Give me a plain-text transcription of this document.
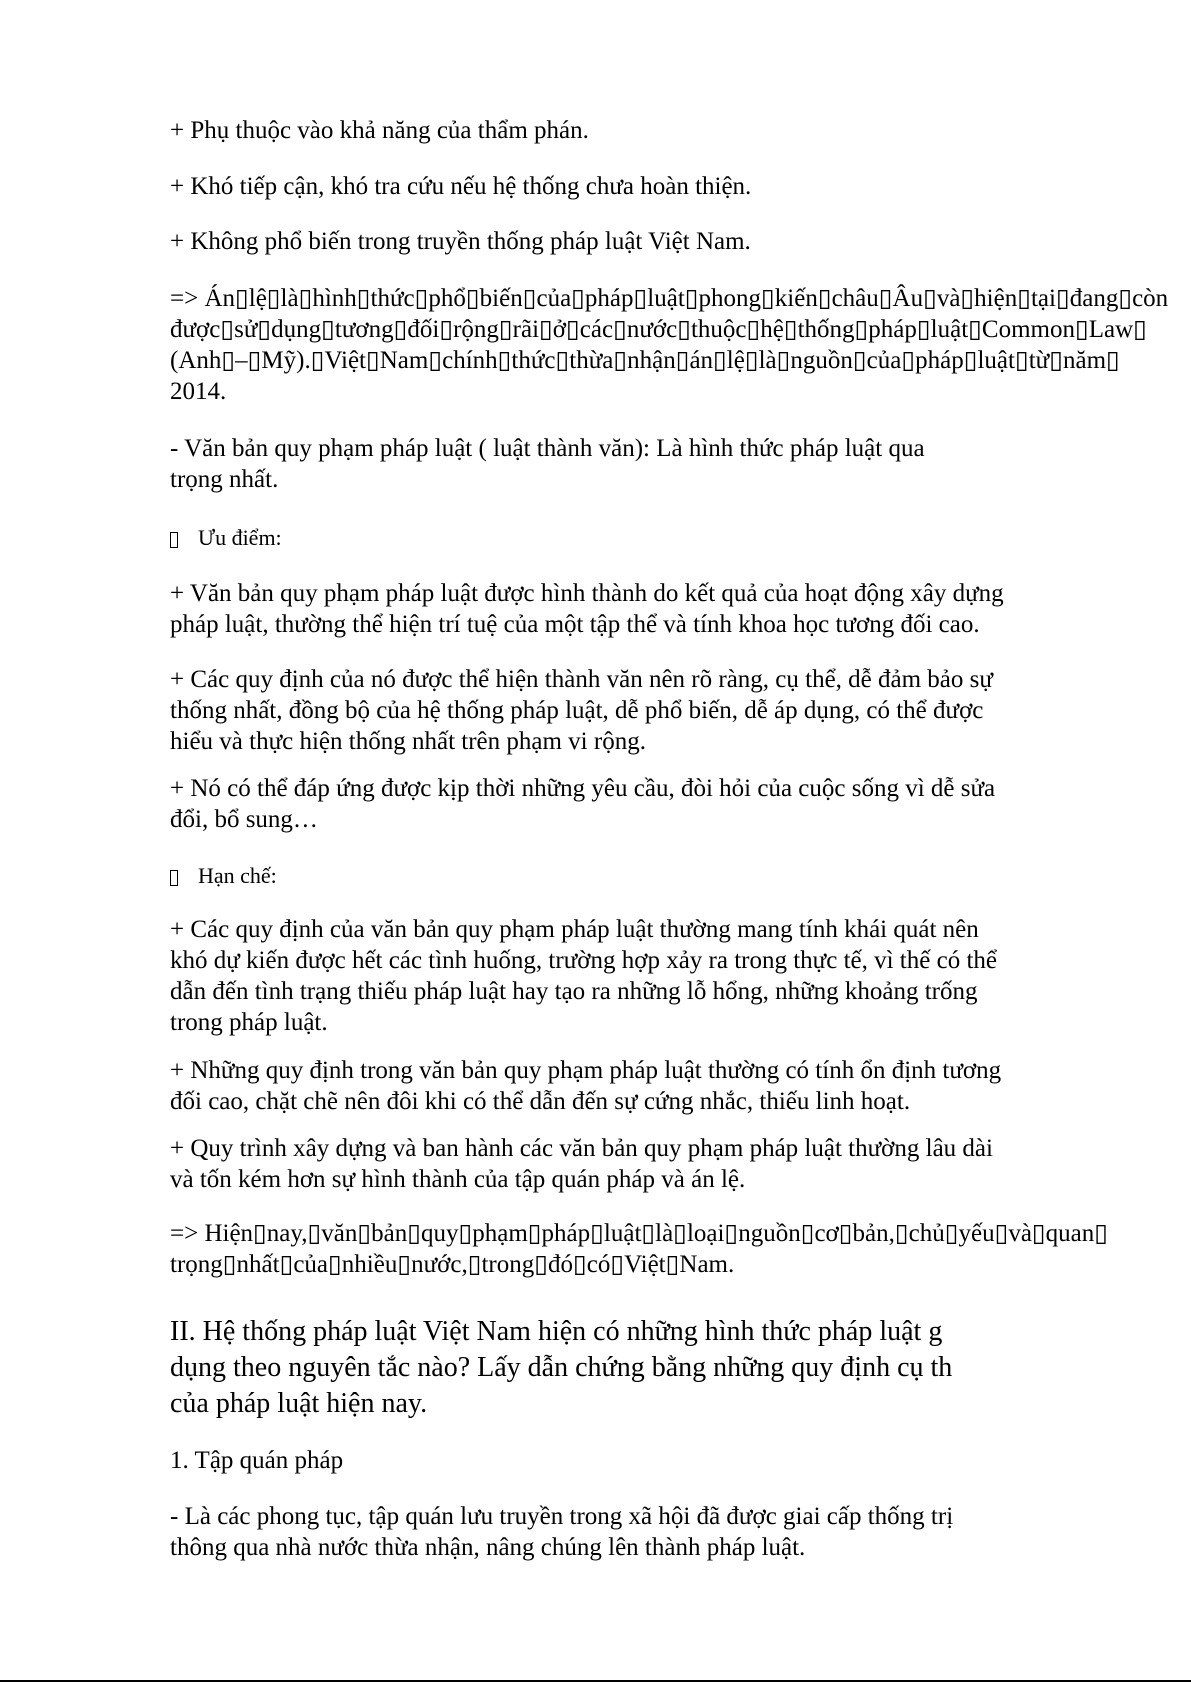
+ Phụ thuộc vào khả năng của thẩm phán.

+ Khó tiếp cận, khó tra cứu nếu hệ thống chưa hoàn thiện.

+ Không phổ biến trong truyền thống pháp luật Việt Nam.

=> Án▯lệ▯là▯hình▯thức▯phổ▯biến▯của▯pháp▯luật▯phong▯kiến▯châu▯Âu▯và▯hiện▯tại▯đang▯còn
được▯sử▯dụng▯tương▯đối▯rộng▯rãi▯ở▯các▯nước▯thuộc▯hệ▯thống▯pháp▯luật▯Common▯Law▯
(Anh▯–▯Mỹ).▯Việt▯Nam▯chính▯thức▯thừa▯nhận▯án▯lệ▯là▯nguồn▯của▯pháp▯luật▯từ▯năm▯
2014.
- Văn bản quy phạm pháp luật ( luật thành văn): Là hình thức pháp luật qua
trọng nhất.
Ưu điểm:
+ Văn bản quy phạm pháp luật được hình thành do kết quả của hoạt động xây dựng
pháp luật, thường thể hiện trí tuệ của một tập thể và tính khoa học tương đối cao.
+ Các quy định của nó được thể hiện thành văn nên rõ ràng, cụ thể, dễ đảm bảo sự
thống nhất, đồng bộ của hệ thống pháp luật, dễ phổ biến, dễ áp dụng, có thể được
hiểu và thực hiện thống nhất trên phạm vi rộng.
+ Nó có thể đáp ứng được kịp thời những yêu cầu, đòi hỏi của cuộc sống vì dễ sửa
đổi, bổ sung…
Hạn chế:
+ Các quy định của văn bản quy phạm pháp luật thường mang tính khái quát nên
khó dự kiến được hết các tình huống, trường hợp xảy ra trong thực tế, vì thế có thể
dẫn đến tình trạng thiếu pháp luật hay tạo ra những lỗ hổng, những khoảng trống
trong pháp luật.
+ Những quy định trong văn bản quy phạm pháp luật thường có tính ổn định tương
đối cao, chặt chẽ nên đôi khi có thể dẫn đến sự cứng nhắc, thiếu linh hoạt.
+ Quy trình xây dựng và ban hành các văn bản quy phạm pháp luật thường lâu dài
và tốn kém hơn sự hình thành của tập quán pháp và án lệ.
=> Hiện▯nay,▯văn▯bản▯quy▯phạm▯pháp▯luật▯là▯loại▯nguồn▯cơ▯bản,▯chủ▯yếu▯và▯quan▯
trọng▯nhất▯của▯nhiều▯nước,▯trong▯đó▯có▯Việt▯Nam.
II. Hệ thống pháp luật Việt Nam hiện có những hình thức pháp luật g
dụng theo nguyên tắc nào? Lấy dẫn chứng bằng những quy định cụ th
của pháp luật hiện nay.

1. Tập quán pháp

- Là các phong tục, tập quán lưu truyền trong xã hội đã được giai cấp thống trị
thông qua nhà nước thừa nhận, nâng chúng lên thành pháp luật.
